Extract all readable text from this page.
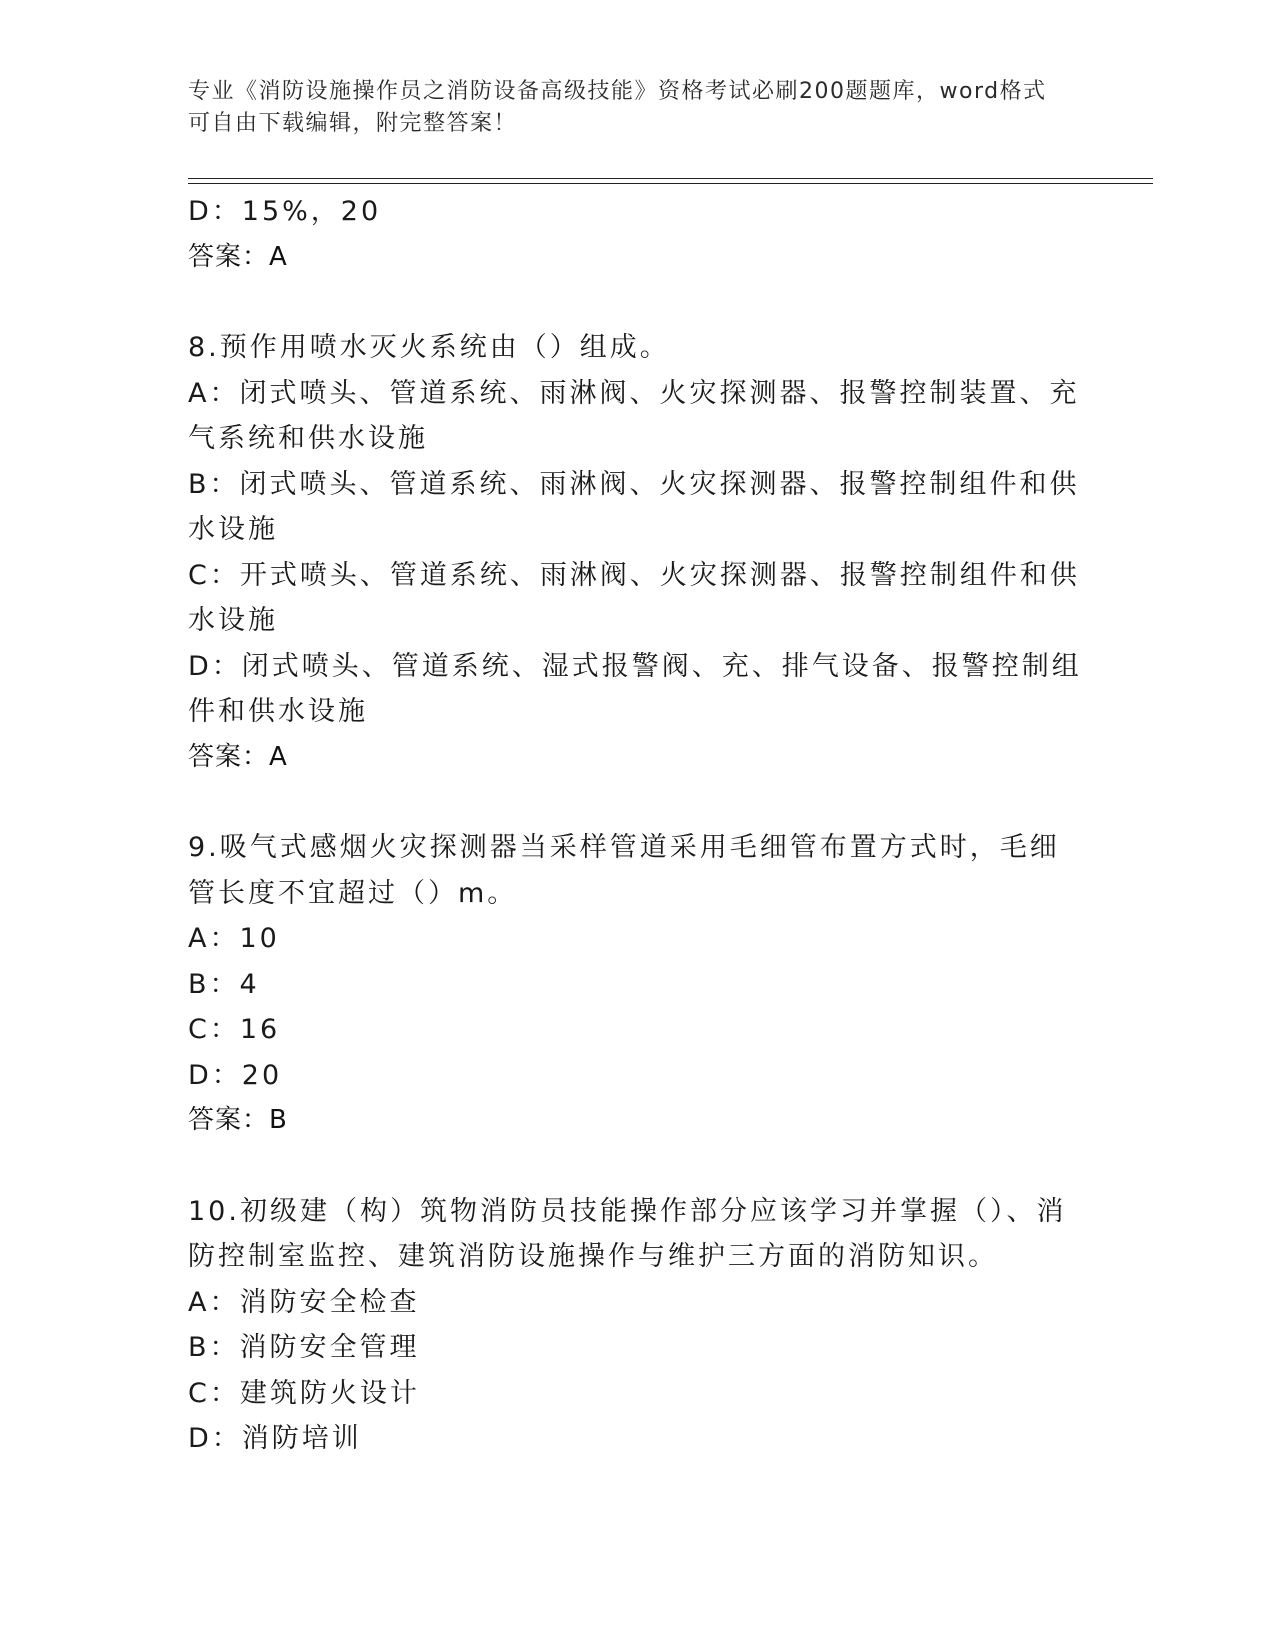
专业《消防设施操作员之消防设备高级技能》资格考试必刷200题题库，word格式可自由下载编辑，附完整答案！
D：15%，20
答案：A
8.预作用喷水灭火系统由（）组成。
A：闭式喷头、管道系统、雨淋阀、火灾探测器、报警控制装置、充气系统和供水设施
B：闭式喷头、管道系统、雨淋阀、火灾探测器、报警控制组件和供水设施
C：开式喷头、管道系统、雨淋阀、火灾探测器、报警控制组件和供水设施
D：闭式喷头、管道系统、湿式报警阀、充、排气设备、报警控制组件和供水设施
答案：A
9.吸气式感烟火灾探测器当采样管道采用毛细管布置方式时，毛细管长度不宜超过（）m。
A：10
B：4
C：16
D：20
答案：B
10.初级建（构）筑物消防员技能操作部分应该学习并掌握（）、消防控制室监控、建筑消防设施操作与维护三方面的消防知识。
A：消防安全检查
B：消防安全管理
C：建筑防火设计
D：消防培训
